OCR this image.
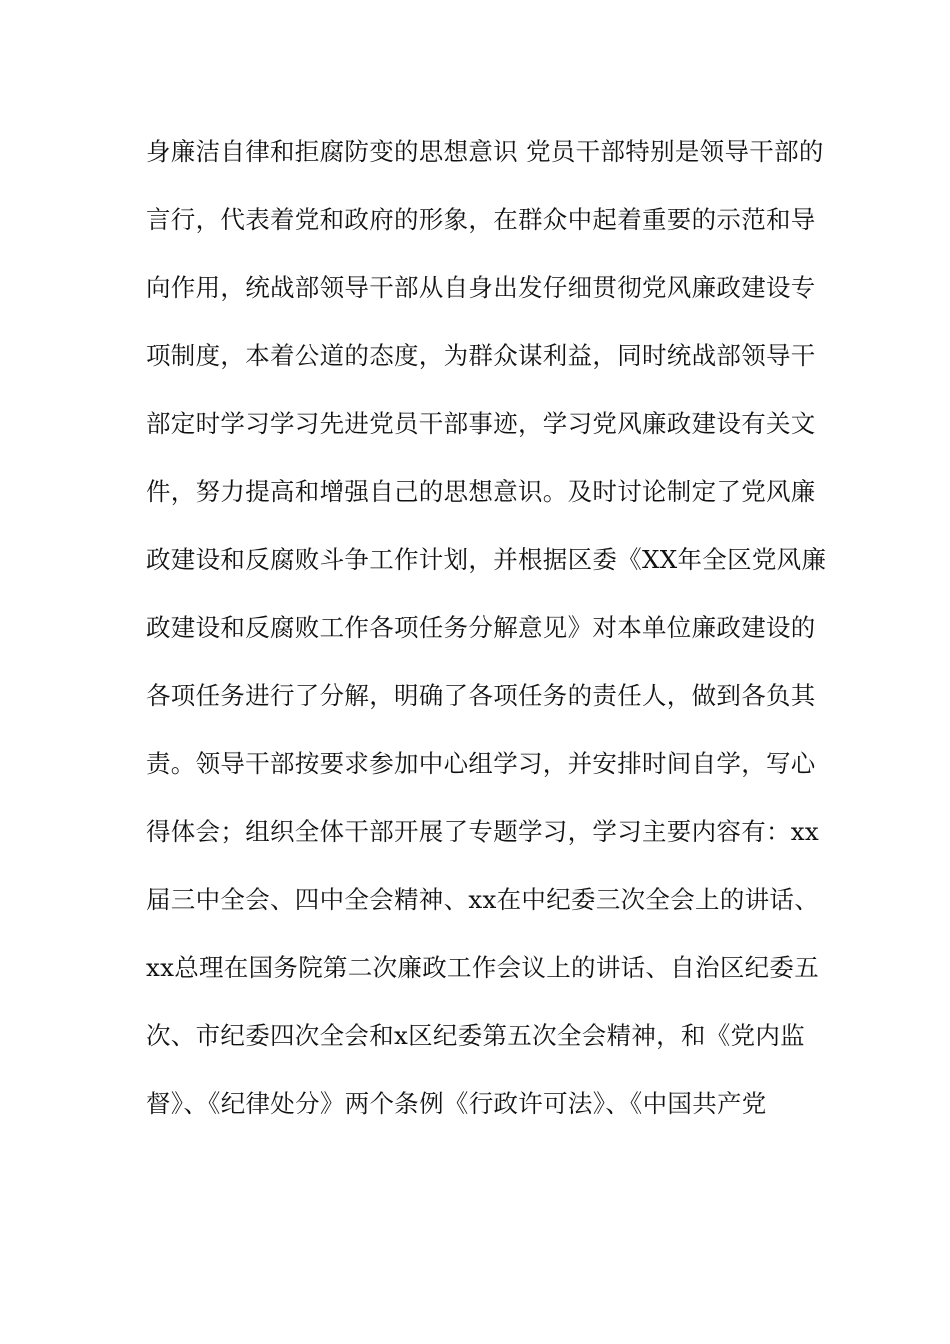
身廉洁自律和拒腐防变的思想意识 党员干部特别是领导干部的
言行，代表着党和政府的形象，在群众中起着重要的示范和导
向作用，统战部领导干部从自身出发仔细贯彻党风廉政建设专
项制度，本着公道的态度，为群众谋利益，同时统战部领导干
部定时学习学习先进党员干部事迹，学习党风廉政建设有关文
件，努力提高和增强自己的思想意识。及时讨论制定了党风廉
政建设和反腐败斗争工作计划，并根据区委《XX年全区党风廉
政建设和反腐败工作各项任务分解意见》对本单位廉政建设的
各项任务进行了分解，明确了各项任务的责任人，做到各负其
责。领导干部按要求参加中心组学习，并安排时间自学，写心
得体会；组织全体干部开展了专题学习，学习主要内容有：xx
届三中全会、四中全会精神、xx在中纪委三次全会上的讲话、
xx总理在国务院第二次廉政工作会议上的讲话、自治区纪委五
次、市纪委四次全会和x区纪委第五次全会精神，和《党内监
督》、《纪律处分》两个条例《行政许可法》、《中国共产党
